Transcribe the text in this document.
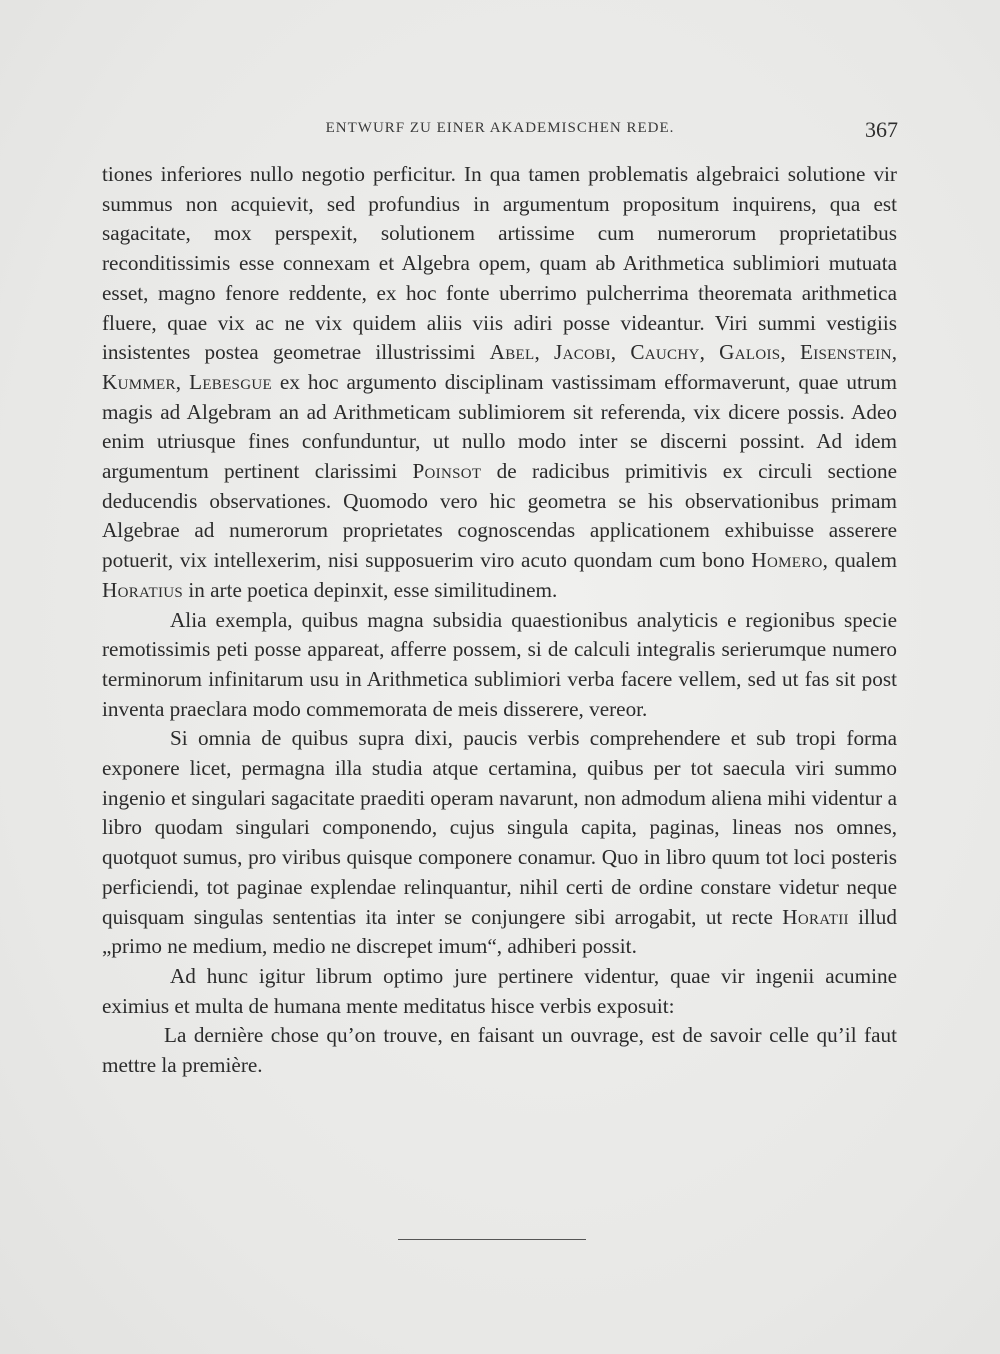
ENTWURF ZU EINER AKADEMISCHEN REDE.	367

tiones inferiores nullo negotio perficitur. In qua tamen problematis algebraici solutione vir summus non acquievit, sed profundius in argumentum propositum inquirens, qua est sagacitate, mox perspexit, solutionem artissime cum numerorum proprietatibus reconditissimis esse connexam et Algebra opem, quam ab Arithmetica sublimiori mutuata esset, magno fenore reddente, ex hoc fonte uberrimo pulcherrima theoremata arithmetica fluere, quae vix ac ne vix quidem aliis viis adiri posse videantur. Viri summi vestigiis insistentes postea geometrae illustrissimi Abel, Jacobi, Cauchy, Galois, Eisenstein, Kummer, Lebesgue ex hoc argumento disciplinam vastissimam efformaverunt, quae utrum magis ad Algebram an ad Arithmeticam sublimiorem sit referenda, vix dicere possis. Adeo enim utriusque fines confunduntur, ut nullo modo inter se discerni possint. Ad idem argumentum pertinent clarissimi Poinsot de radicibus primitivis ex circuli sectione deducendis observationes. Quomodo vero hic geometra se his observationibus primam Algebrae ad numerorum proprietates cognoscendas applicationem exhibuisse asserere potuerit, vix intellexerim, nisi supposuerim viro acuto quondam cum bono Homero, qualem Horatius in arte poetica depinxit, esse similitudinem.

Alia exempla, quibus magna subsidia quaestionibus analyticis e regionibus specie remotissimis peti posse appareat, afferre possem, si de calculi integralis serierumque numero terminorum infinitarum usu in Arithmetica sublimiori verba facere vellem, sed ut fas sit post inventa praeclara modo commemorata de meis disserere, vereor.

Si omnia de quibus supra dixi, paucis verbis comprehendere et sub tropi forma exponere licet, permagna illa studia atque certamina, quibus per tot saecula viri summo ingenio et singulari sagacitate praediti operam navarunt, non admodum aliena mihi videntur a libro quodam singulari componendo, cujus singula capita, paginas, lineas nos omnes, quotquot sumus, pro viribus quisque componere conamur. Quo in libro quum tot loci posteris perficiendi, tot paginae explendae relinquantur, nihil certi de ordine constare videtur neque quisquam singulas sententias ita inter se conjungere sibi arrogabit, ut recte Horatii illud „primo ne medium, medio ne discrepet imum“, adhiberi possit.

Ad hunc igitur librum optimo jure pertinere videntur, quae vir ingenii acumine eximius et multa de humana mente meditatus hisce verbis exposuit:

La dernière chose qu’on trouve, en faisant un ouvrage, est de savoir celle qu’il faut mettre la première.
